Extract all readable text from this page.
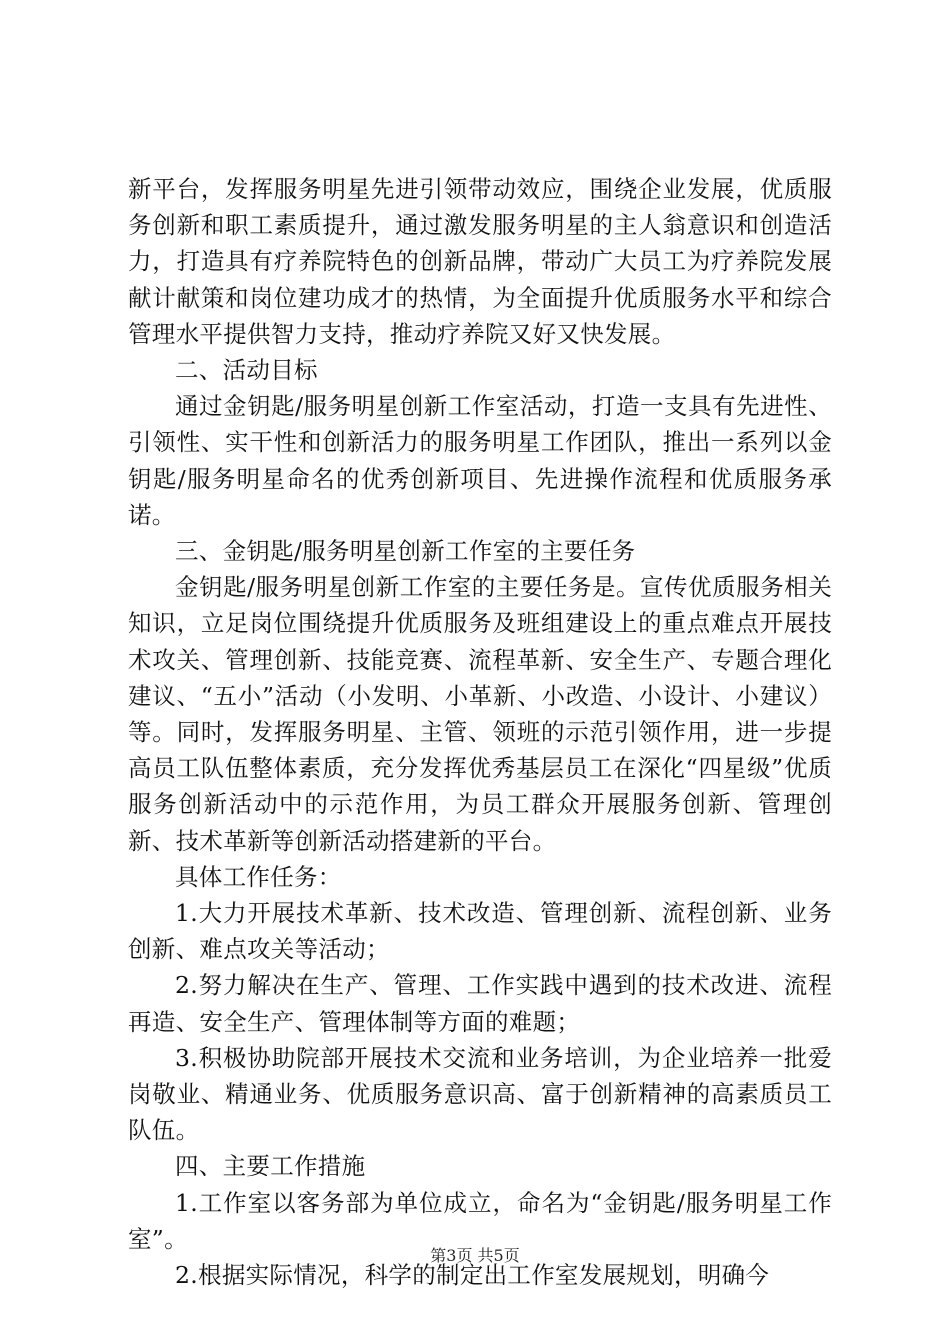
新平台，发挥服务明星先进引领带动效应，围绕企业发展，优质服务创新和职工素质提升，通过激发服务明星的主人翁意识和创造活力，打造具有疗养院特色的创新品牌，带动广大员工为疗养院发展献计献策和岗位建功成才的热情，为全面提升优质服务水平和综合管理水平提供智力支持，推动疗养院又好又快发展。

二、活动目标

通过金钥匙/服务明星创新工作室活动，打造一支具有先进性、引领性、实干性和创新活力的服务明星工作团队，推出一系列以金钥匙/服务明星命名的优秀创新项目、先进操作流程和优质服务承诺。

三、金钥匙/服务明星创新工作室的主要任务

金钥匙/服务明星创新工作室的主要任务是。宣传优质服务相关知识，立足岗位围绕提升优质服务及班组建设上的重点难点开展技术攻关、管理创新、技能竞赛、流程革新、安全生产、专题合理化建议、“五小”活动（小发明、小革新、小改造、小设计、小建议）等。同时，发挥服务明星、主管、领班的示范引领作用，进一步提高员工队伍整体素质，充分发挥优秀基层员工在深化“四星级”优质服务创新活动中的示范作用，为员工群众开展服务创新、管理创新、技术革新等创新活动搭建新的平台。

具体工作任务：

1.大力开展技术革新、技术改造、管理创新、流程创新、业务创新、难点攻关等活动；

2.努力解决在生产、管理、工作实践中遇到的技术改进、流程再造、安全生产、管理体制等方面的难题；

3.积极协助院部开展技术交流和业务培训，为企业培养一批爱岗敬业、精通业务、优质服务意识高、富于创新精神的高素质员工队伍。

四、主要工作措施

1.工作室以客务部为单位成立，命名为“金钥匙/服务明星工作室”。

2.根据实际情况，科学的制定出工作室发展规划，明确今

第3页 共5页
